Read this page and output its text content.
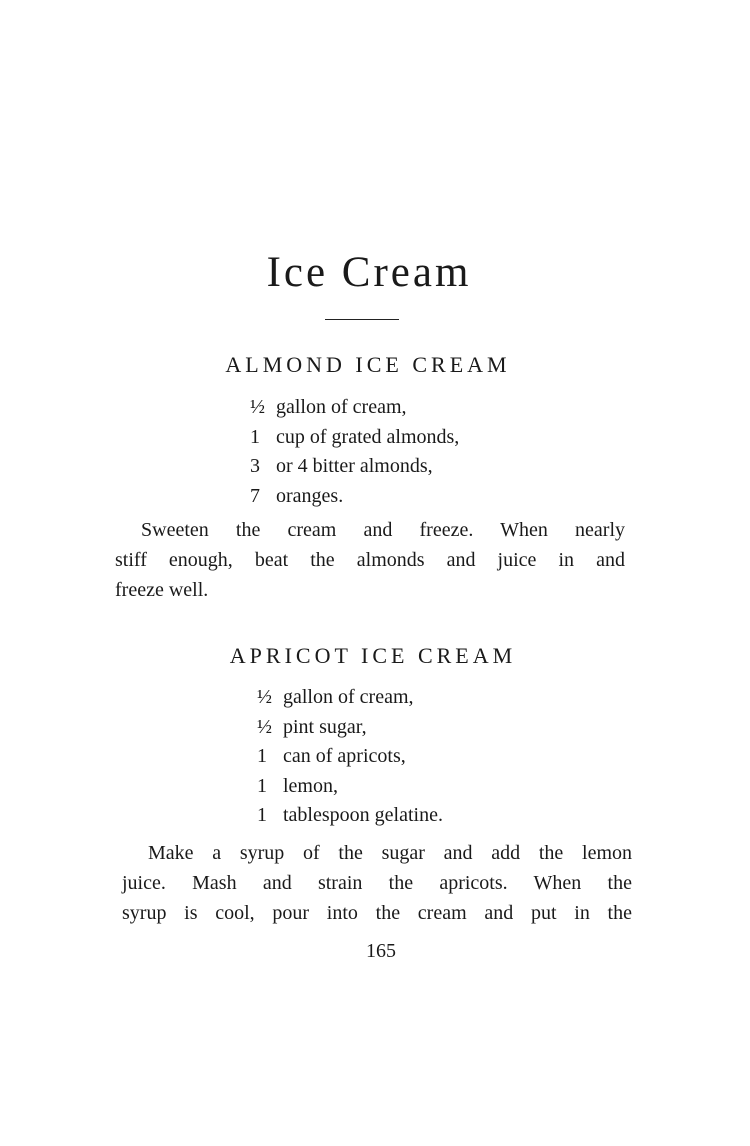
Ice Cream
ALMOND ICE CREAM
½ gallon of cream,
1 cup of grated almonds,
3 or 4 bitter almonds,
7 oranges.

Sweeten the cream and freeze. When nearly
stiff enough, beat the almonds and juice in and
freeze well.

APRICOT ICE CREAM
½ gallon of cream,
½ pint sugar,
1 can of apricots,
1 lemon,
1 tablespoon gelatine.

Make a syrup of the sugar and add the lemon
juice. Mash and strain the apricots. When the
syrup is cool, pour into the cream and put in the

165
